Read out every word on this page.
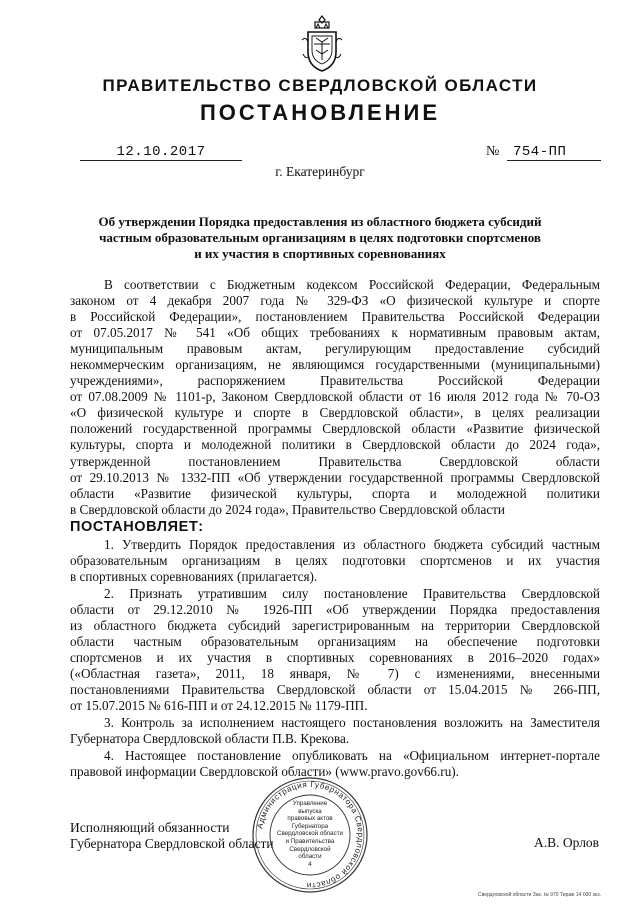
ПРАВИТЕЛЬСТВО СВЕРДЛОВСКОЙ ОБЛАСТИ
ПОСТАНОВЛЕНИЕ
12.10.2017	№ 754-ПП
г. Екатеринбург
Об утверждении Порядка предоставления из областного бюджета субсидий
частным образовательным организациям в целях подготовки спортсменов
и их участия в спортивных соревнованиях
В соответствии с Бюджетным кодексом Российской Федерации, Федеральным
законом от 4 декабря 2007 года № 329-ФЗ «О физической культуре и спорте
в Российской Федерации», постановлением Правительства Российской Федерации
от 07.05.2017 № 541 «Об общих требованиях к нормативным правовым актам,
муниципальным правовым актам, регулирующим предоставление субсидий
некоммерческим организациям, не являющимся государственными (муниципальными)
учреждениями», распоряжением Правительства Российской Федерации
от 07.08.2009 № 1101-р, Законом Свердловской области от 16 июля 2012 года № 70-ОЗ
«О физической культуре и спорте в Свердловской области», в целях реализации
положений государственной программы Свердловской области «Развитие физической
культуры, спорта и молодежной политики в Свердловской области до 2024 года»,
утвержденной постановлением Правительства Свердловской области
от 29.10.2013 № 1332-ПП «Об утверждении государственной программы Свердловской
области «Развитие физической культуры, спорта и молодежной политики
в Свердловской области до 2024 года», Правительство Свердловской области
ПОСТАНОВЛЯЕТ:
1. Утвердить Порядок предоставления из областного бюджета субсидий частным
образовательным организациям в целях подготовки спортсменов и их участия
в спортивных соревнованиях (прилагается).
2. Признать утратившим силу постановление Правительства Свердловской
области от 29.12.2010 № 1926-ПП «Об утверждении Порядка предоставления
из областного бюджета субсидий зарегистрированным на территории Свердловской
области частным образовательным организациям на обеспечение подготовки
спортсменов и их участия в спортивных соревнованиях в 2016–2020 годах»
(«Областная газета», 2011, 18 января, № 7) с изменениями, внесенными
постановлениями Правительства Свердловской области от 15.04.2015 № 266-ПП,
от 15.07.2015 № 616-ПП и от 24.12.2015 № 1179-ПП.
3. Контроль за исполнением настоящего постановления возложить на Заместителя
Губернатора Свердловской области П.В. Крекова.
4. Настоящее постановление опубликовать на «Официальном интернет-портале
правовой информации Свердловской области» (www.pravo.gov66.ru).
Исполняющий обязанности
Губернатора Свердловской области
Администрация Губернатора Свердловской области
Управление
выпуска
правовых актов
Губернатора
Свердловской области
и Правительства
Свердловской
области
4
А.В. Орлов
Свердловской области Зак. № 970 Тираж 14 000 экз.
